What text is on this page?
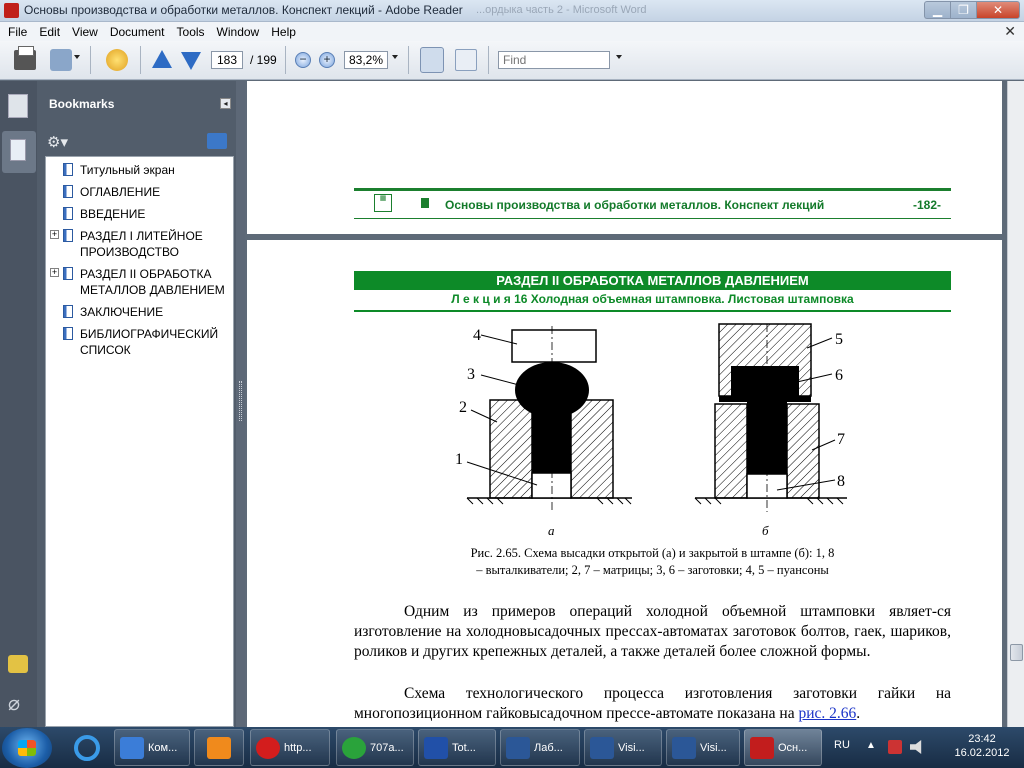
Основы производства и обработки металлов. Конспект лекций - Adobe Reader ...ордыка часть 2 - Microsoft Word	▁	❐	✕
File	Edit	View	Document	Tools	Window	Help	✕
183
/ 199	−	+
83,2%
Find
⌀
Bookmarks	◂
⚙▾
Титульный экран
ОГЛАВЛЕНИЕ
ВВЕДЕНИЕ
+ РАЗДЕЛ I ЛИТЕЙНОЕ ПРОИЗВОДСТВО
+ РАЗДЕЛ II ОБРАБОТКА МЕТАЛЛОВ ДАВЛЕНИЕМ
ЗАКЛЮЧЕНИЕ
БИБЛИОГРАФИЧЕСКИЙ СПИСОК
▦	Основы производства и обработки металлов. Конспект лекций	-182-
РАЗДЕЛ II ОБРАБОТКА МЕТАЛЛОВ ДАВЛЕНИЕМ
Л е к ц и я 16 Холодная объемная штамповка. Листовая штамповка
4
3
2
1
а
5
6
7
8
б
Рис. 2.65. Схема высадки открытой (а) и закрытой в штампе (б): 1, 8
– выталкиватели; 2, 7 – матрицы; 3, 6 – заготовки; 4, 5 – пуансоны
Одним из примеров операций холодной объемной штамповки являет-ся изготовление на холодновысадочных прессах-автоматах заготовок болтов, гаек, шариков, роликов и других крепежных деталей, а также деталей более сложной формы.
Схема технологического процесса изготовления заготовки гайки на многопозиционном гайковысадочном прессе-автомате показана на рис. 2.66.
Ком...	http...	707a...	Tot...	Лаб...	Visi...	Visi...	Осн... RU ▲
23:42
16.02.2012
